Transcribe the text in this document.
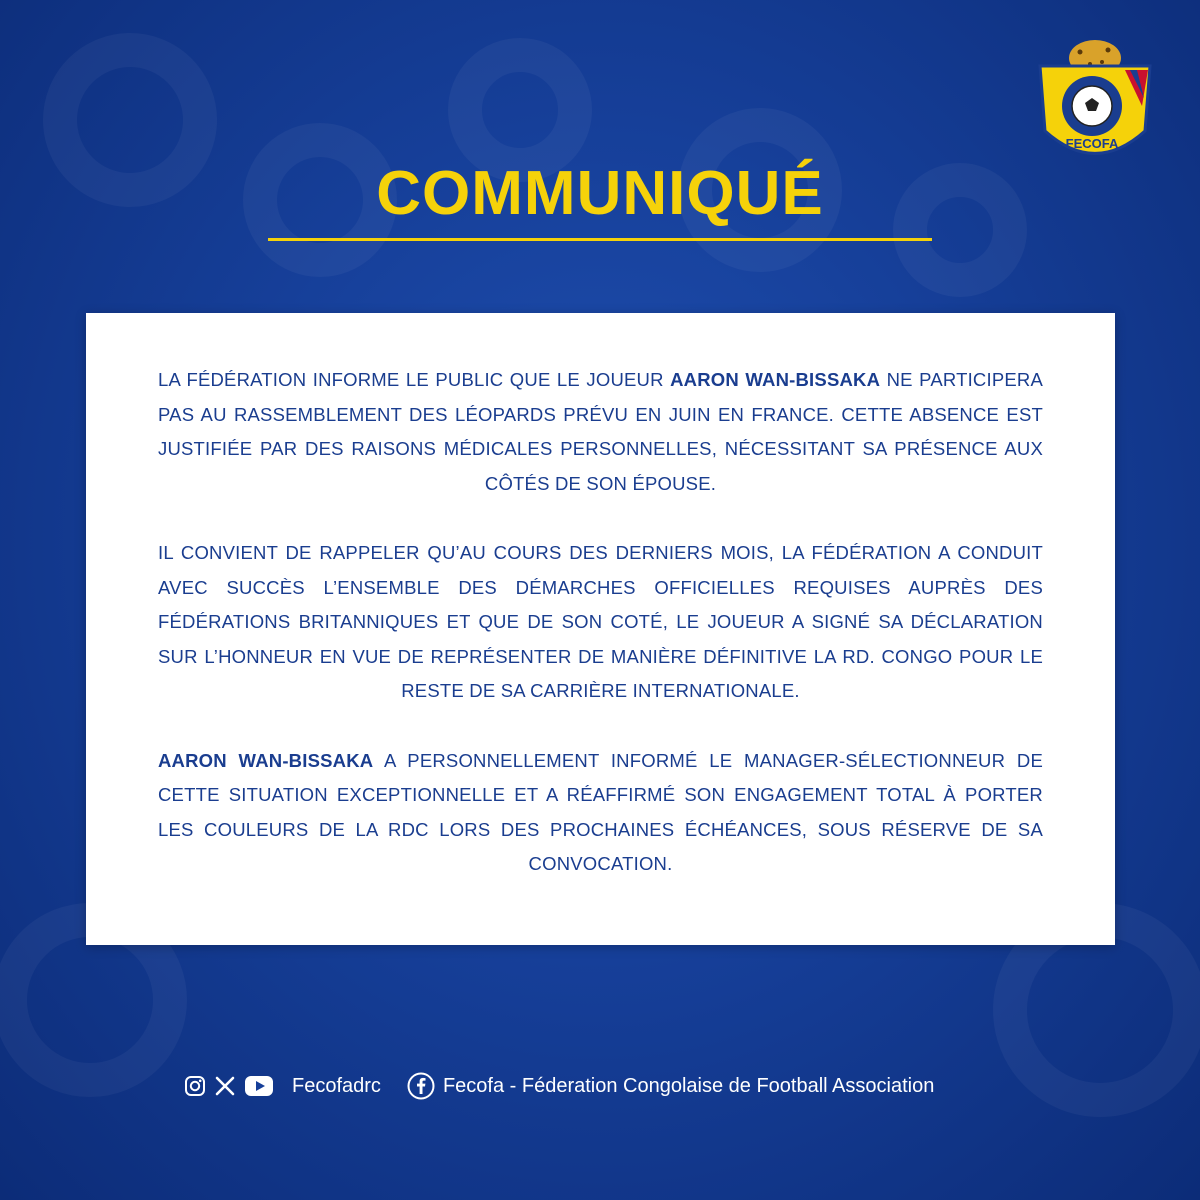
FECOFA
COMMUNIQUÉ

LA FÉDÉRATION INFORME LE PUBLIC QUE LE JOUEUR AARON WAN-BISSAKA NE PARTICIPERA PAS AU RASSEMBLEMENT DES LÉOPARDS PRÉVU EN JUIN EN FRANCE. CETTE ABSENCE EST JUSTIFIÉE PAR DES RAISONS MÉDICALES PERSONNELLES, NÉCESSITANT SA PRÉSENCE AUX CÔTÉS DE SON ÉPOUSE.

IL CONVIENT DE RAPPELER QU’AU COURS DES DERNIERS MOIS, LA FÉDÉRATION A CONDUIT AVEC SUCCÈS L’ENSEMBLE DES DÉMARCHES OFFICIELLES REQUISES AUPRÈS DES FÉDÉRATIONS BRITANNIQUES ET QUE DE SON COTÉ, LE JOUEUR A SIGNÉ SA DÉCLARATION SUR L’HONNEUR EN VUE DE REPRÉSENTER DE MANIÈRE DÉFINITIVE LA RD. CONGO POUR LE RESTE DE SA CARRIÈRE INTERNATIONALE.

AARON WAN-BISSAKA A PERSONNELLEMENT INFORMÉ LE MANAGER-SÉLECTIONNEUR DE CETTE SITUATION EXCEPTIONNELLE ET A RÉAFFIRMÉ SON ENGAGEMENT TOTAL À PORTER LES COULEURS DE LA RDC LORS DES PROCHAINES ÉCHÉANCES, SOUS RÉSERVE DE SA CONVOCATION.

Fecofadrc	Fecofa - Féderation Congolaise de Football Association
